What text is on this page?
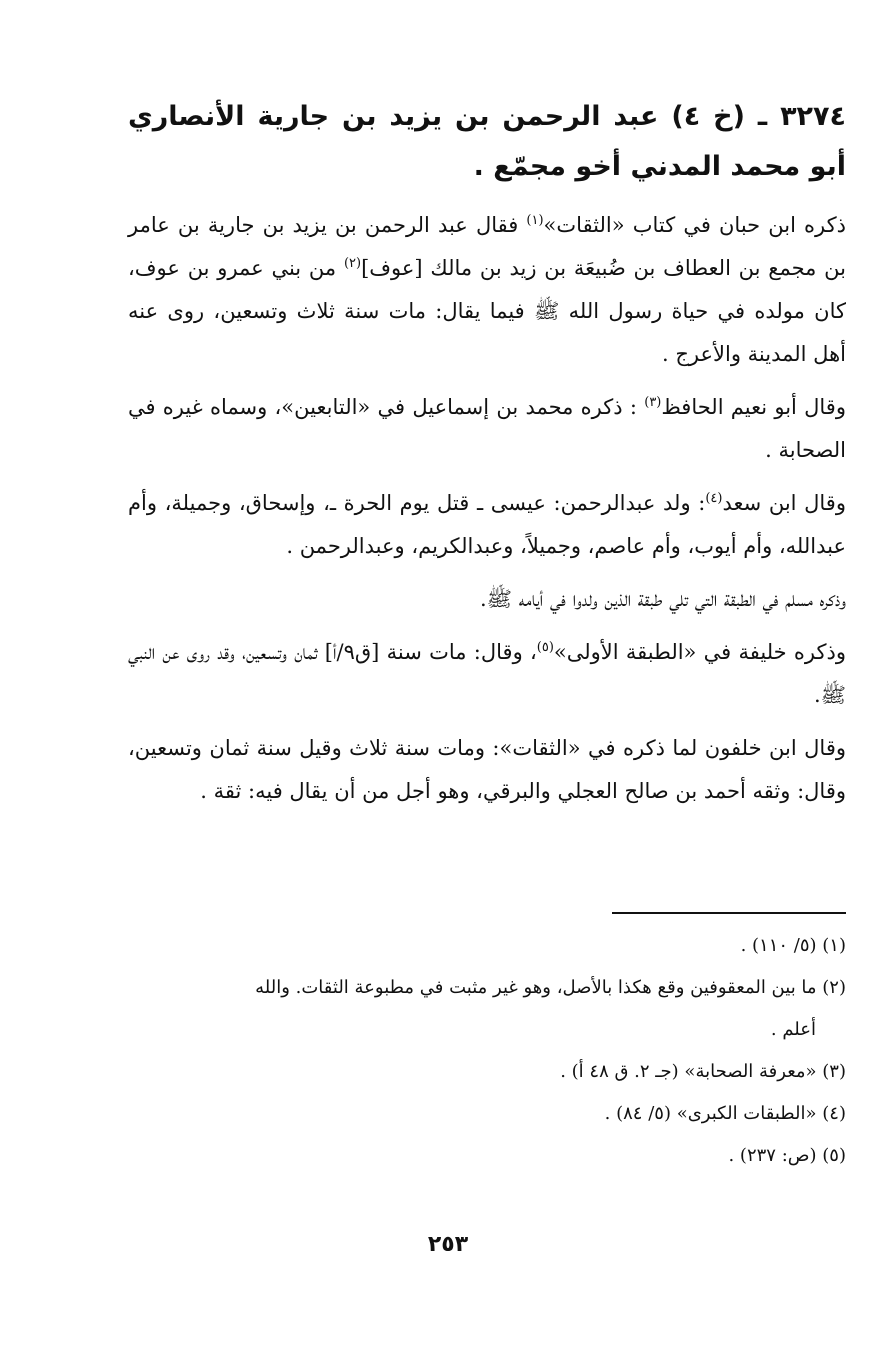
٣٢٧٤ ـ (خ ٤) عبد الرحمن بن يزيد بن جارية الأنصاري أبو محمد المدني أخو مجمّع .

ذكره ابن حبان في كتاب «الثقات»$^{(١)}$ فقال عبد الرحمن بن يزيد بن جارية بن عامر بن مجمع بن العطاف بن ضُبيعَة بن زيد بن مالك [عوف]$^{(٢)}$ من بني عمرو بن عوف، كان مولده في حياة رسول الله ﷺ فيما يقال: مات سنة ثلاث وتسعين، روى عنه أهل المدينة والأعرج .

وقال أبو نعيم الحافظ$^{(٣)}$ : ذكره محمد بن إسماعيل في «التابعين»، وسماه غيره في الصحابة .

وقال ابن سعد$^{(٤)}$: ولد عبدالرحمن: عيسى ـ قتل يوم الحرة ـ، وإسحاق، وجميلة، وأم عبدالله، وأم أيوب، وأم عاصم، وجميلاً، وعبدالكريم، وعبدالرحمن .

وذكره مسلم في الطبقة التي تلي طبقة الذين ولدوا في أيامه ﷺ.

وذكره خليفة في «الطبقة الأولى»$^{(٥)}$، وقال: مات سنة [ق٩/أ] ثمان وتسعين، وقد روى عن النبي ﷺ.

وقال ابن خلفون لما ذكره في «الثقات»: ومات سنة ثلاث وقيل سنة ثمان وتسعين، وقال: وثقه أحمد بن صالح العجلي والبرقي، وهو أجل من أن يقال فيه: ثقة .

(١) (٥/ ١١٠) .

(٢) ما بين المعقوفين وقع هكذا بالأصل، وهو غير مثبت في مطبوعة الثقات. والله

أعلم .

(٣) «معرفة الصحابة» (جـ ٢. ق ٤٨ أ) .

(٤) «الطبقات الكبرى» (٥/ ٨٤) .

(٥) (ص: ٢٣٧) .

٢٥٣
